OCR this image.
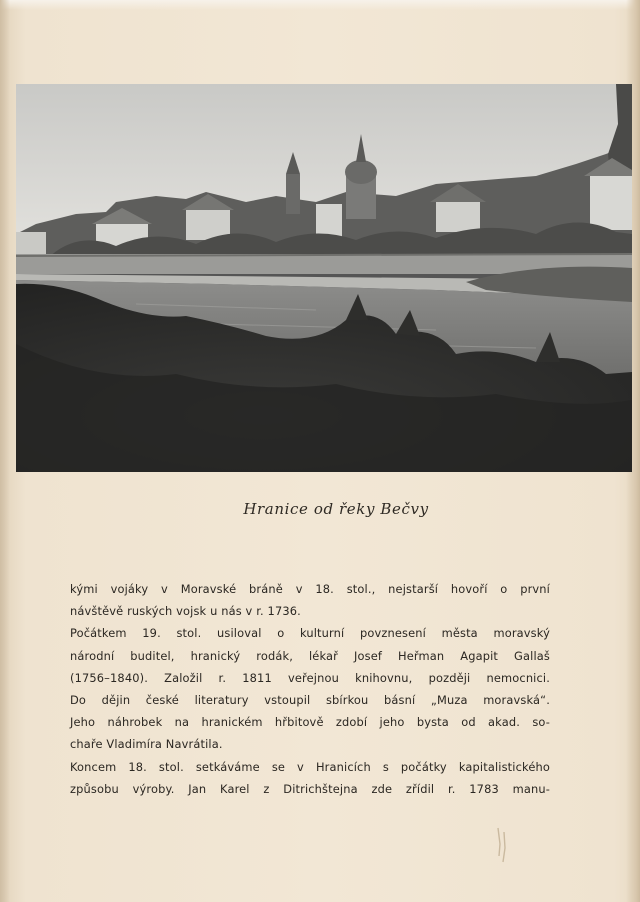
Hranice od řeky Bečvy
kými vojáky v Moravské bráně v 18. stol., nejstarší hovoří o první
návštěvě ruských vojsk u nás v r. 1736.
Počátkem 19. stol. usiloval o kulturní povznesení města moravský
národní buditel, hranický rodák, lékař Josef Heřman Agapit Gallaš
(1756–1840). Založil r. 1811 veřejnou knihovnu, později nemocnici.
Do dějin české literatury vstoupil sbírkou básní „Muza moravská“.
Jeho náhrobek na hranickém hřbitově zdobí jeho bysta od akad. so-
chaře Vladimíra Navrátila.
Koncem 18. stol. setkáváme se v Hranicích s počátky kapitalistického
způsobu výroby. Jan Karel z Ditrichštejna zde zřídil r. 1783 manu-
